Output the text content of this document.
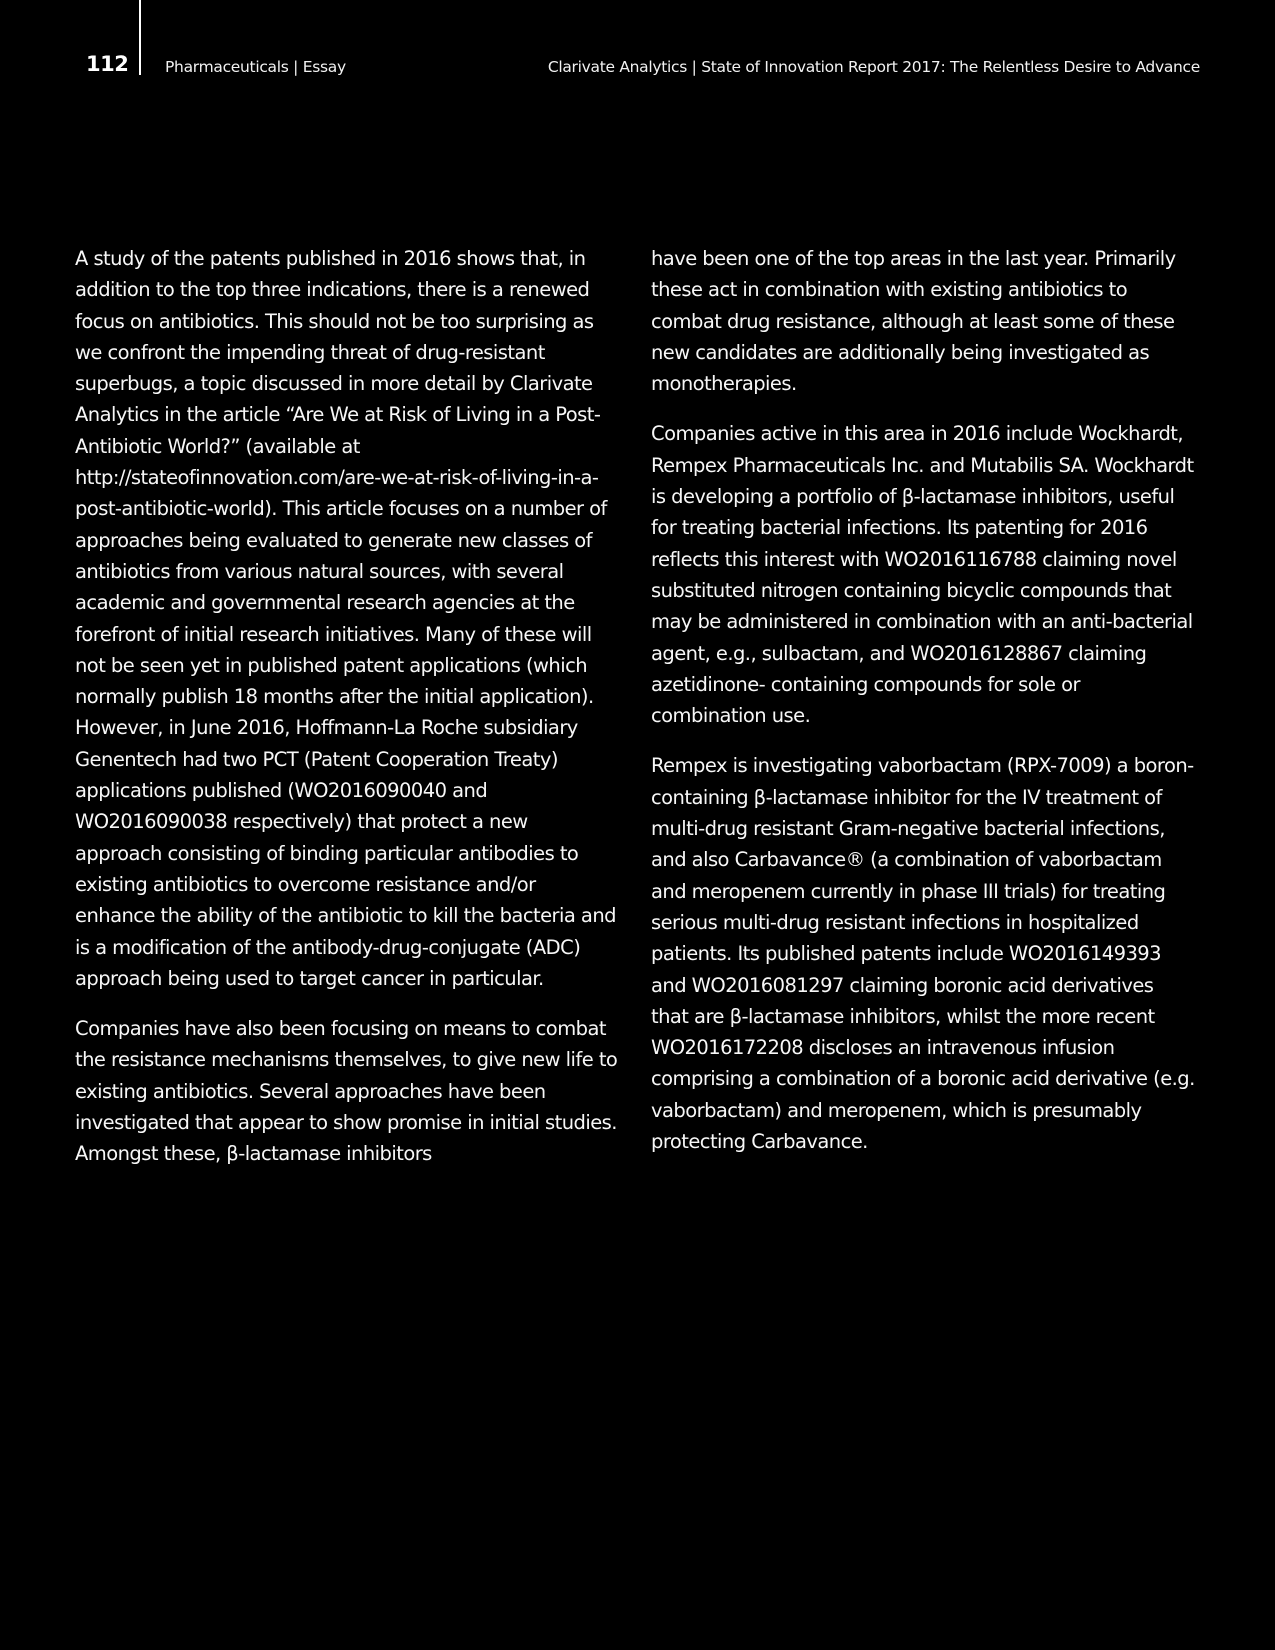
112 Pharmaceuticals | Essay	Clarivate Analytics | State of Innovation Report 2017: The Relentless Desire to Advance

A study of the patents published in 2016 shows that, in addition to the top three indications, there is a renewed focus on antibiotics. This should not be too surprising as we confront the impending threat of drug-resistant superbugs, a topic discussed in more detail by Clarivate Analytics in the article “Are We at Risk of Living in a Post-Antibiotic World?” (available at http://stateofinnovation.com/are-we-at-risk-of-living-in-a-post-antibiotic-world). This article focuses on a number of approaches being evaluated to generate new classes of antibiotics from various natural sources, with several academic and governmental research agencies at the forefront of initial research initiatives. Many of these will not be seen yet in published patent applications (which normally publish 18 months after the initial application). However, in June 2016, Hoffmann-La Roche subsidiary Genentech had two PCT (Patent Cooperation Treaty) applications published (WO2016090040 and WO2016090038 respectively) that protect a new approach consisting of binding particular antibodies to existing antibiotics to overcome resistance and/or enhance the ability of the antibiotic to kill the bacteria and is a modification of the antibody-drug-conjugate (ADC) approach being used to target cancer in particular.

Companies have also been focusing on means to combat the resistance mechanisms themselves, to give new life to existing antibiotics. Several approaches have been investigated that appear to show promise in initial studies. Amongst these, β-lactamase inhibitors

have been one of the top areas in the last year. Primarily these act in combination with existing antibiotics to combat drug resistance, although at least some of these new candidates are additionally being investigated as monotherapies.

Companies active in this area in 2016 include Wockhardt, Rempex Pharmaceuticals Inc. and Mutabilis SA. Wockhardt is developing a portfolio of β-lactamase inhibitors, useful for treating bacterial infections. Its patenting for 2016 reflects this interest with WO2016116788 claiming novel substituted nitrogen containing bicyclic compounds that may be administered in combination with an anti-bacterial agent, e.g., sulbactam, and WO2016128867 claiming azetidinone- containing compounds for sole or combination use.

Rempex is investigating vaborbactam (RPX-7009) a boron-containing β-lactamase inhibitor for the IV treatment of multi-drug resistant Gram-negative bacterial infections, and also Carbavance® (a combination of vaborbactam and meropenem currently in phase III trials) for treating serious multi-drug resistant infections in hospitalized patients. Its published patents include WO2016149393 and WO2016081297 claiming boronic acid derivatives that are β-lactamase inhibitors, whilst the more recent WO2016172208 discloses an intravenous infusion comprising a combination of a boronic acid derivative (e.g. vaborbactam) and meropenem, which is presumably protecting Carbavance.
